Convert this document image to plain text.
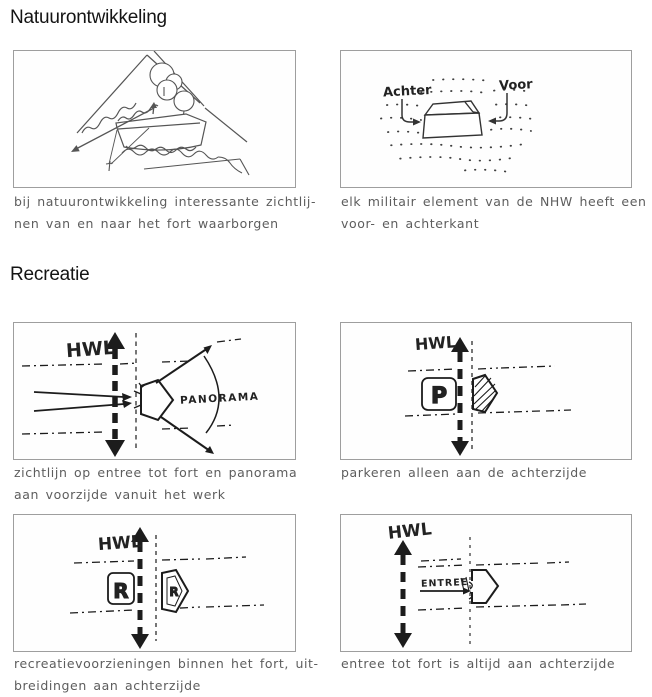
Natuurontwikkeling
Achter	Voor
bij natuurontwikkeling interessante zichtlij-
nen van en naar het fort waarborgen
elk militair element van de NHW heeft een
voor- en achterkant
Recreatie
HWL
PANORAMA	P
HWL
zichtlijn op entree tot fort en panorama
aan voorzijde vanuit het werk
parkeren alleen aan de achterzijde
R	R
HWL	HWL
ENTREE
recreatievoorzieningen binnen het fort, uit-
breidingen aan achterzijde
entree tot fort is altijd aan achterzijde
